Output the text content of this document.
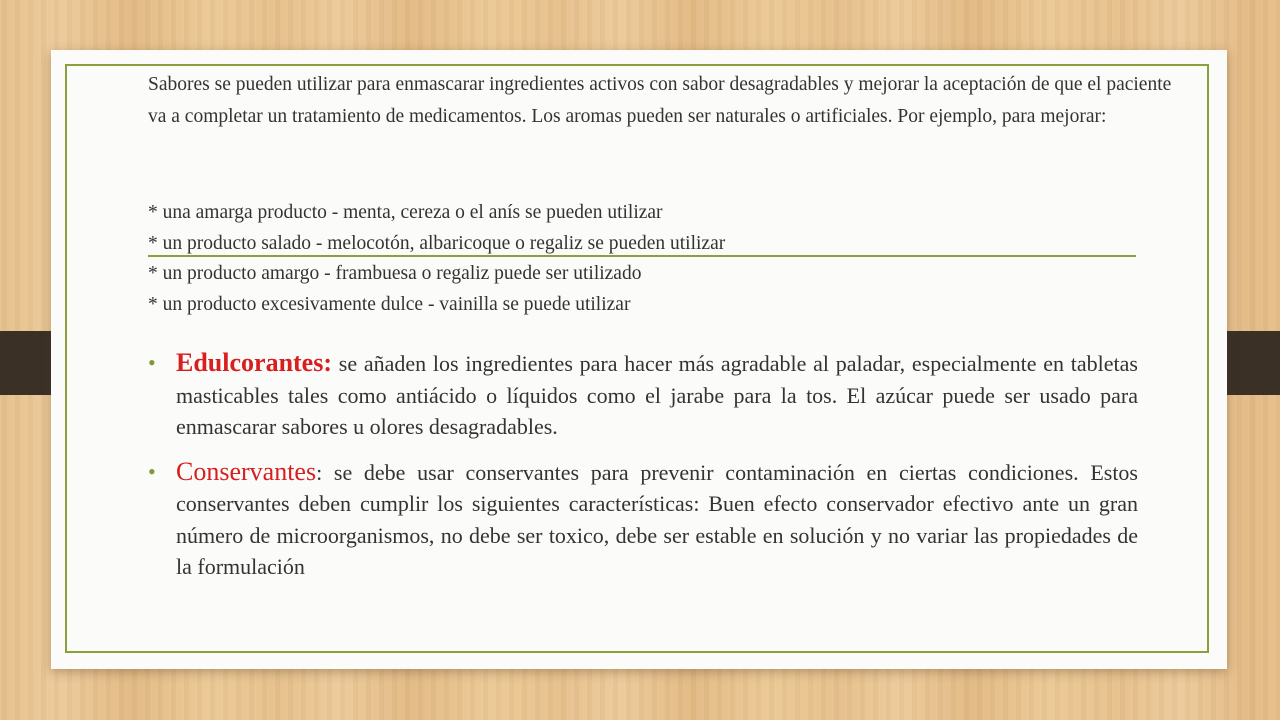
Sabores se pueden utilizar para enmascarar ingredientes activos con sabor desagradables y mejorar la aceptación de que el paciente va a completar un tratamiento de medicamentos. Los aromas pueden ser naturales o artificiales. Por ejemplo, para mejorar:

* una amarga producto - menta, cereza o el anís se pueden utilizar
* un producto salado - melocotón, albaricoque o regaliz se pueden utilizar
* un producto amargo - frambuesa o regaliz puede ser utilizado
* un producto excesivamente dulce - vainilla se puede utilizar
• Edulcorantes: se añaden los ingredientes para hacer más agradable al paladar, especialmente en tabletas masticables tales como antiácido o líquidos como el jarabe para la tos. El azúcar puede ser usado para enmascarar sabores u olores desagradables.
• Conservantes: se debe usar conservantes para prevenir contaminación en ciertas condiciones. Estos conservantes deben cumplir los siguientes características: Buen efecto conservador efectivo ante un gran número de microorganismos, no debe ser toxico, debe ser estable en solución y no variar las propiedades de la formulación
